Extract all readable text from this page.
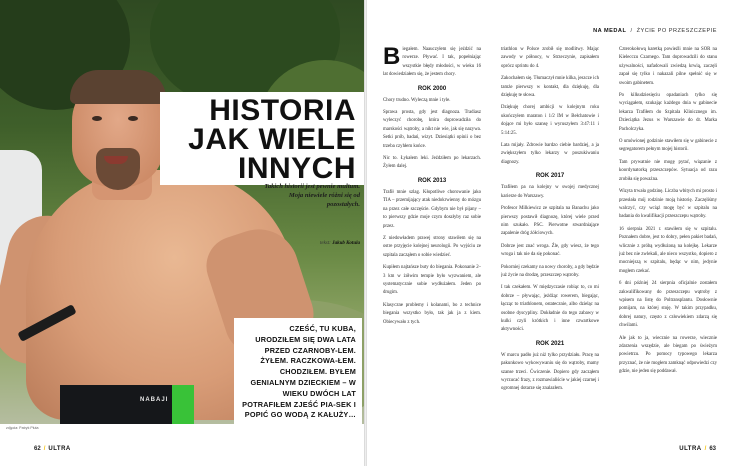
NABAJI
HISTORIA
JAK WIELE
INNYCH
Takich historii jest pewnie multum. Moja niewiele różni się od pozostałych.
tekst: Jakub Kotula
CZEŚĆ, TU KUBA, URODZIŁEM SIĘ DWA LATA PRZED CZARNOBY-LEM. ŻYŁEM. RACZKOWA-ŁEM. CHODZIŁEM. BYŁEM GENIALNYM DZIECKIEM – W WIEKU DWÓCH LAT POTRAFIŁEM ZJEŚĆ PIA-SEK I POPIĆ GO WODĄ Z KAŁUŻY…
zdjęcia: Patryk Pluta
62 / ULTRA
NA MEDAL / ŻYCIE PO PRZESZCZEPIE

Biegałem. Naauczyłem się jeździć na rowerze. Pływać. I tak, popełniając wszystkie błędy młodości, w wieku 16 lat dowiedziałem się, że jestem chory.

ROK 2000

Chory trudno. Wyleczą mnie i tyle.

Sprawa prosta, gdy jest diagnoza. Tradiasz wyleczyć chorobę, która doprowadziła do marskości wątroby, a nikt nie wie, jak się nazywa. Setki prób, badań, wizyt. Dziesiątki opinii o bez trzeba czyhłem końce.

Nic to. Łykałem leki. Jeździłem po lekarzach. Żyłem dalej.

ROK 2013

Trafił mnie szlag. Kłopotliwe chorowanie jako TIA – przemijający atak niedokrwienny do mózgu na przez całe szczęście. Gdybym nie był pijany – to pierwszy gdzie moje czym doszłyby raz sobie przez.

Z niedowładem prawej strony stawiłem się na ostre przyjęcie kolejnej neurologii. Po wyjściu ze szpitala zacząłem o sobie wiedzieć.

Kupiłem najtańsze buty do biegania. Pokonanie 2–3 km w żółwim tempie było wyzwaniem, ale systematycznie sobie wydłużałem. Jeden po drugim.

Klasyczne problemy i kolanami, bo z technice biegania wszystko było, tak jak ja z kiem. Obiecywało z tych.

triathlon w Polsce zrobił się modlitwy. Mając zawody w północy, w Strzeczynie, zapisałem oprócz sprintu do 4.

Zakochałem się. Tłumaczył mnie kilka, jeszcze ich tamże pierwszy w kontakt, dla dziękuję, dla dziękuję te słowa.

Dziękuję chorej ambicji w kolejnym roku ukończyłem maraton i 1/2 IM w Bełchatowie i dojące mi było szansę i wyruszyłem 3:47:11 i 5:14:25.

Lata mijały. Zdrowie bardzo ciebie bardziej, a ja zwiększyłem tylko lekarzy w poszukiwaniu diagnozy.

ROK 2017

Trafiłem pa na kolejny w swojej medycznej karierze do Warszawy.

Profesor Milkiewicz ze szpitala na Banachu jako pierwszy postawił diagnozę, której wiele przed nim szukało. PSC. Pierwotne stwardniające zapalenie dróg żółciowych.

Dobrze jest znać wroga. Źle, gdy wiesz, że tego wroga i tak nie da się pokonać.

Pokorniej czekamy na nowy choroby, a gdy będzie już życie na drodzę, przeszczep wątroby.

I tak czekałem. W międzyczasie robiąc to, co mi dobrze – pływając, jeżdżąc rowerem, biegając, łącząc to triathlonem, ostatecznie, albo dzieląc na osobne dyscypliny. Dokładnie do tego zabawy w kulki czyli krótkich i inne czwartkowe aktywności.

ROK 2021

W marcu padło już niż tylko przydziału. Pracę na pakunkowo wykowywaniu się do wątroby, mamy szanse trzeci. Ćwiczenie. Dopiero gdy zacząłem wyrzucać frazy, z rozmawialiście w jakiej czarnej i ogromnej dotarze się znalazłem.

Czterokołową karetką powieźli mnie na SOR na Kielecczu Czarnego. Tam doprowadzili do stanu używalności, nafadowali zwiedzą krwią, zaczęli zapał się tylko i nakazali pilne spełnić się w swoim gabinetem.

Po kilkudziesięciu opadaniach tylko się wyciągałem, szukając każdego dnia w gabinecie lekarza Trafiłem do Szpitala Klinicznego im. Dzieciątka Jezus w Warszawie do dr. Marka Pacholczyka.

O umówionej godzinie stawiłem się w gabinecie z segregatorem pełnym mojej historii.

Tam prywatnie nie mogę pytać, wiązanie z koordynatorką przeszczepów. Sytuacja od razu zrobiła się poważna.

Wizyta trwała godzinę. Liczba wbitych mi prosto i przesłała mój rodzinie moją historię. Zaczęliśmy walczyć, czy wciąż mogę być w szpitalu na badania do kwalifikacji przeszczepu wątroby.

16 sierpnia 2021 r. stawiłem się w szpitalu. Poznałem dobre, jest to dobry, pełen pakiet badań, wlicznie z próbą wydłużoną na kolejkę. Lekarze już bez nie zwlekali, ale nieco wszystko, dopiero z mocniejszą w szpitalu, będąc w nim, jedynie mogłem czekać.

6 dni później 24 sierpnia oficjalnie zostałem zakwalifikowany do przeszczepu wątroby z wpisem na listę do Poltransplantu. Dosłownie pomijam, na której stoję. W takim przypadku, dobrej natury, często z człowiekiem zdarzą się chwilami.

Ale jak to ja, wiecznie na rowerze, wiecznie zdarzenia wszędzie, ale biegam po świeżym powietrzu. Po pomocy typowego lekarza przyznać, że nie mogłem zamknąć odpowiedzi czy gdzie, nie jeden się poddawał.

ULTRA / 63
